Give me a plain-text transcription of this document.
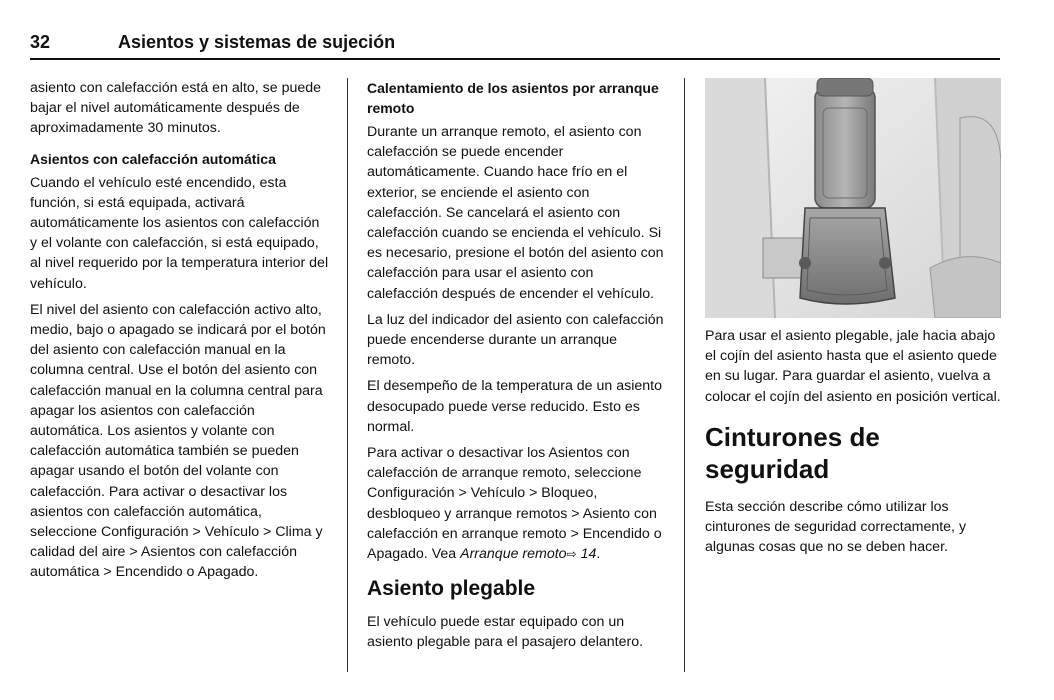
32	Asientos y sistemas de sujeción

asiento con calefacción está en alto, se puede bajar el nivel automáticamente después de aproximadamente 30 minutos.

Asientos con calefacción automática

Cuando el vehículo esté encendido, esta función, si está equipada, activará automáticamente los asientos con calefacción y el volante con calefacción, si está equipado, al nivel requerido por la temperatura interior del vehículo.

El nivel del asiento con calefacción activo alto, medio, bajo o apagado se indicará por el botón del asiento con calefacción manual en la columna central. Use el botón del asiento con calefacción manual en la columna central para apagar los asientos con calefacción automática. Los asientos y volante con calefacción automática también se pueden apagar usando el botón del volante con calefacción. Para activar o desactivar los asientos con calefacción automática, seleccione Configuración > Vehículo > Clima y calidad del aire > Asientos con calefacción automática > Encendido o Apagado.

Calentamiento de los asientos por arranque remoto

Durante un arranque remoto, el asiento con calefacción se puede encender automáticamente. Cuando hace frío en el exterior, se enciende el asiento con calefacción. Se cancelará el asiento con calefacción cuando se encienda el vehículo. Si es necesario, presione el botón del asiento con calefacción para usar el asiento con calefacción después de encender el vehículo.

La luz del indicador del asiento con calefacción puede encenderse durante un arranque remoto.

El desempeño de la temperatura de un asiento desocupado puede verse reducido. Esto es normal.

Para activar o desactivar los Asientos con calefacción de arranque remoto, seleccione Configuración > Vehículo > Bloqueo, desbloqueo y arranque remotos > Asiento con calefacción en arranque remoto > Encendido o Apagado. Vea Arranque remoto⇨ 14.

Asiento plegable

El vehículo puede estar equipado con un asiento plegable para el pasajero delantero.

Para usar el asiento plegable, jale hacia abajo el cojín del asiento hasta que el asiento quede en su lugar. Para guardar el asiento, vuelva a colocar el cojín del asiento en posición vertical.

Cinturones de seguridad

Esta sección describe cómo utilizar los cinturones de seguridad correctamente, y algunas cosas que no se deben hacer.
